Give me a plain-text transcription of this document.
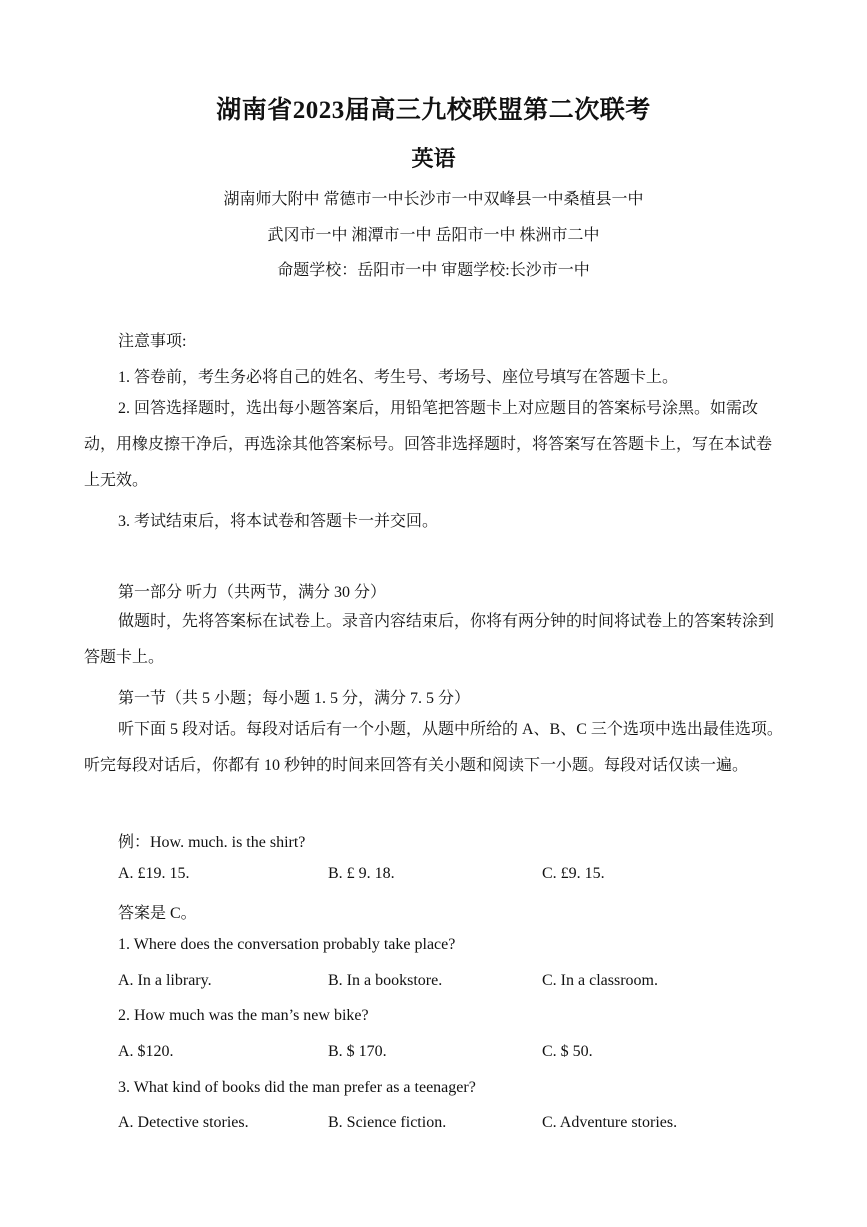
湖南省2023届高三九校联盟第二次联考
英语
湖南师大附中 常德市一中长沙市一中双峰县一中桑植县一中
武冈市一中 湘潭市一中 岳阳市一中 株洲市二中
命题学校：岳阳市一中 审题学校:长沙市一中
注意事项:
1. 答卷前，考生务必将自己的姓名、考生号、考场号、座位号填写在答题卡上。
2. 回答选择题时，选出每小题答案后，用铅笔把答题卡上对应题目的答案标号涂黑。如需改动，用橡皮擦干净后，再选涂其他答案标号。回答非选择题时，将答案写在答题卡上，写在本试卷上无效。
3. 考试结束后，将本试卷和答题卡一并交回。
第一部分 听力（共两节，满分 30 分）
做题时，先将答案标在试卷上。录音内容结束后，你将有两分钟的时间将试卷上的答案转涂到答题卡上。
第一节（共 5 小题；每小题 1. 5 分，满分 7. 5 分）
听下面 5 段对话。每段对话后有一个小题，从题中所给的 A、B、C 三个选项中选出最佳选项。听完每段对话后，你都有 10 秒钟的时间来回答有关小题和阅读下一小题。每段对话仅读一遍。
例：How. much. is the shirt?
A. £19. 15.	B. £ 9. 18.	C. £9. 15.
答案是 C。
1. Where does the conversation probably take place?
A. In a library.	B. In a bookstore.	C. In a classroom.
2. How much was the man’s new bike?
A. $120.	B. $ 170.	C. $ 50.
3. What kind of books did the man prefer as a teenager?
A. Detective stories.	B. Science fiction.	C. Adventure stories.
